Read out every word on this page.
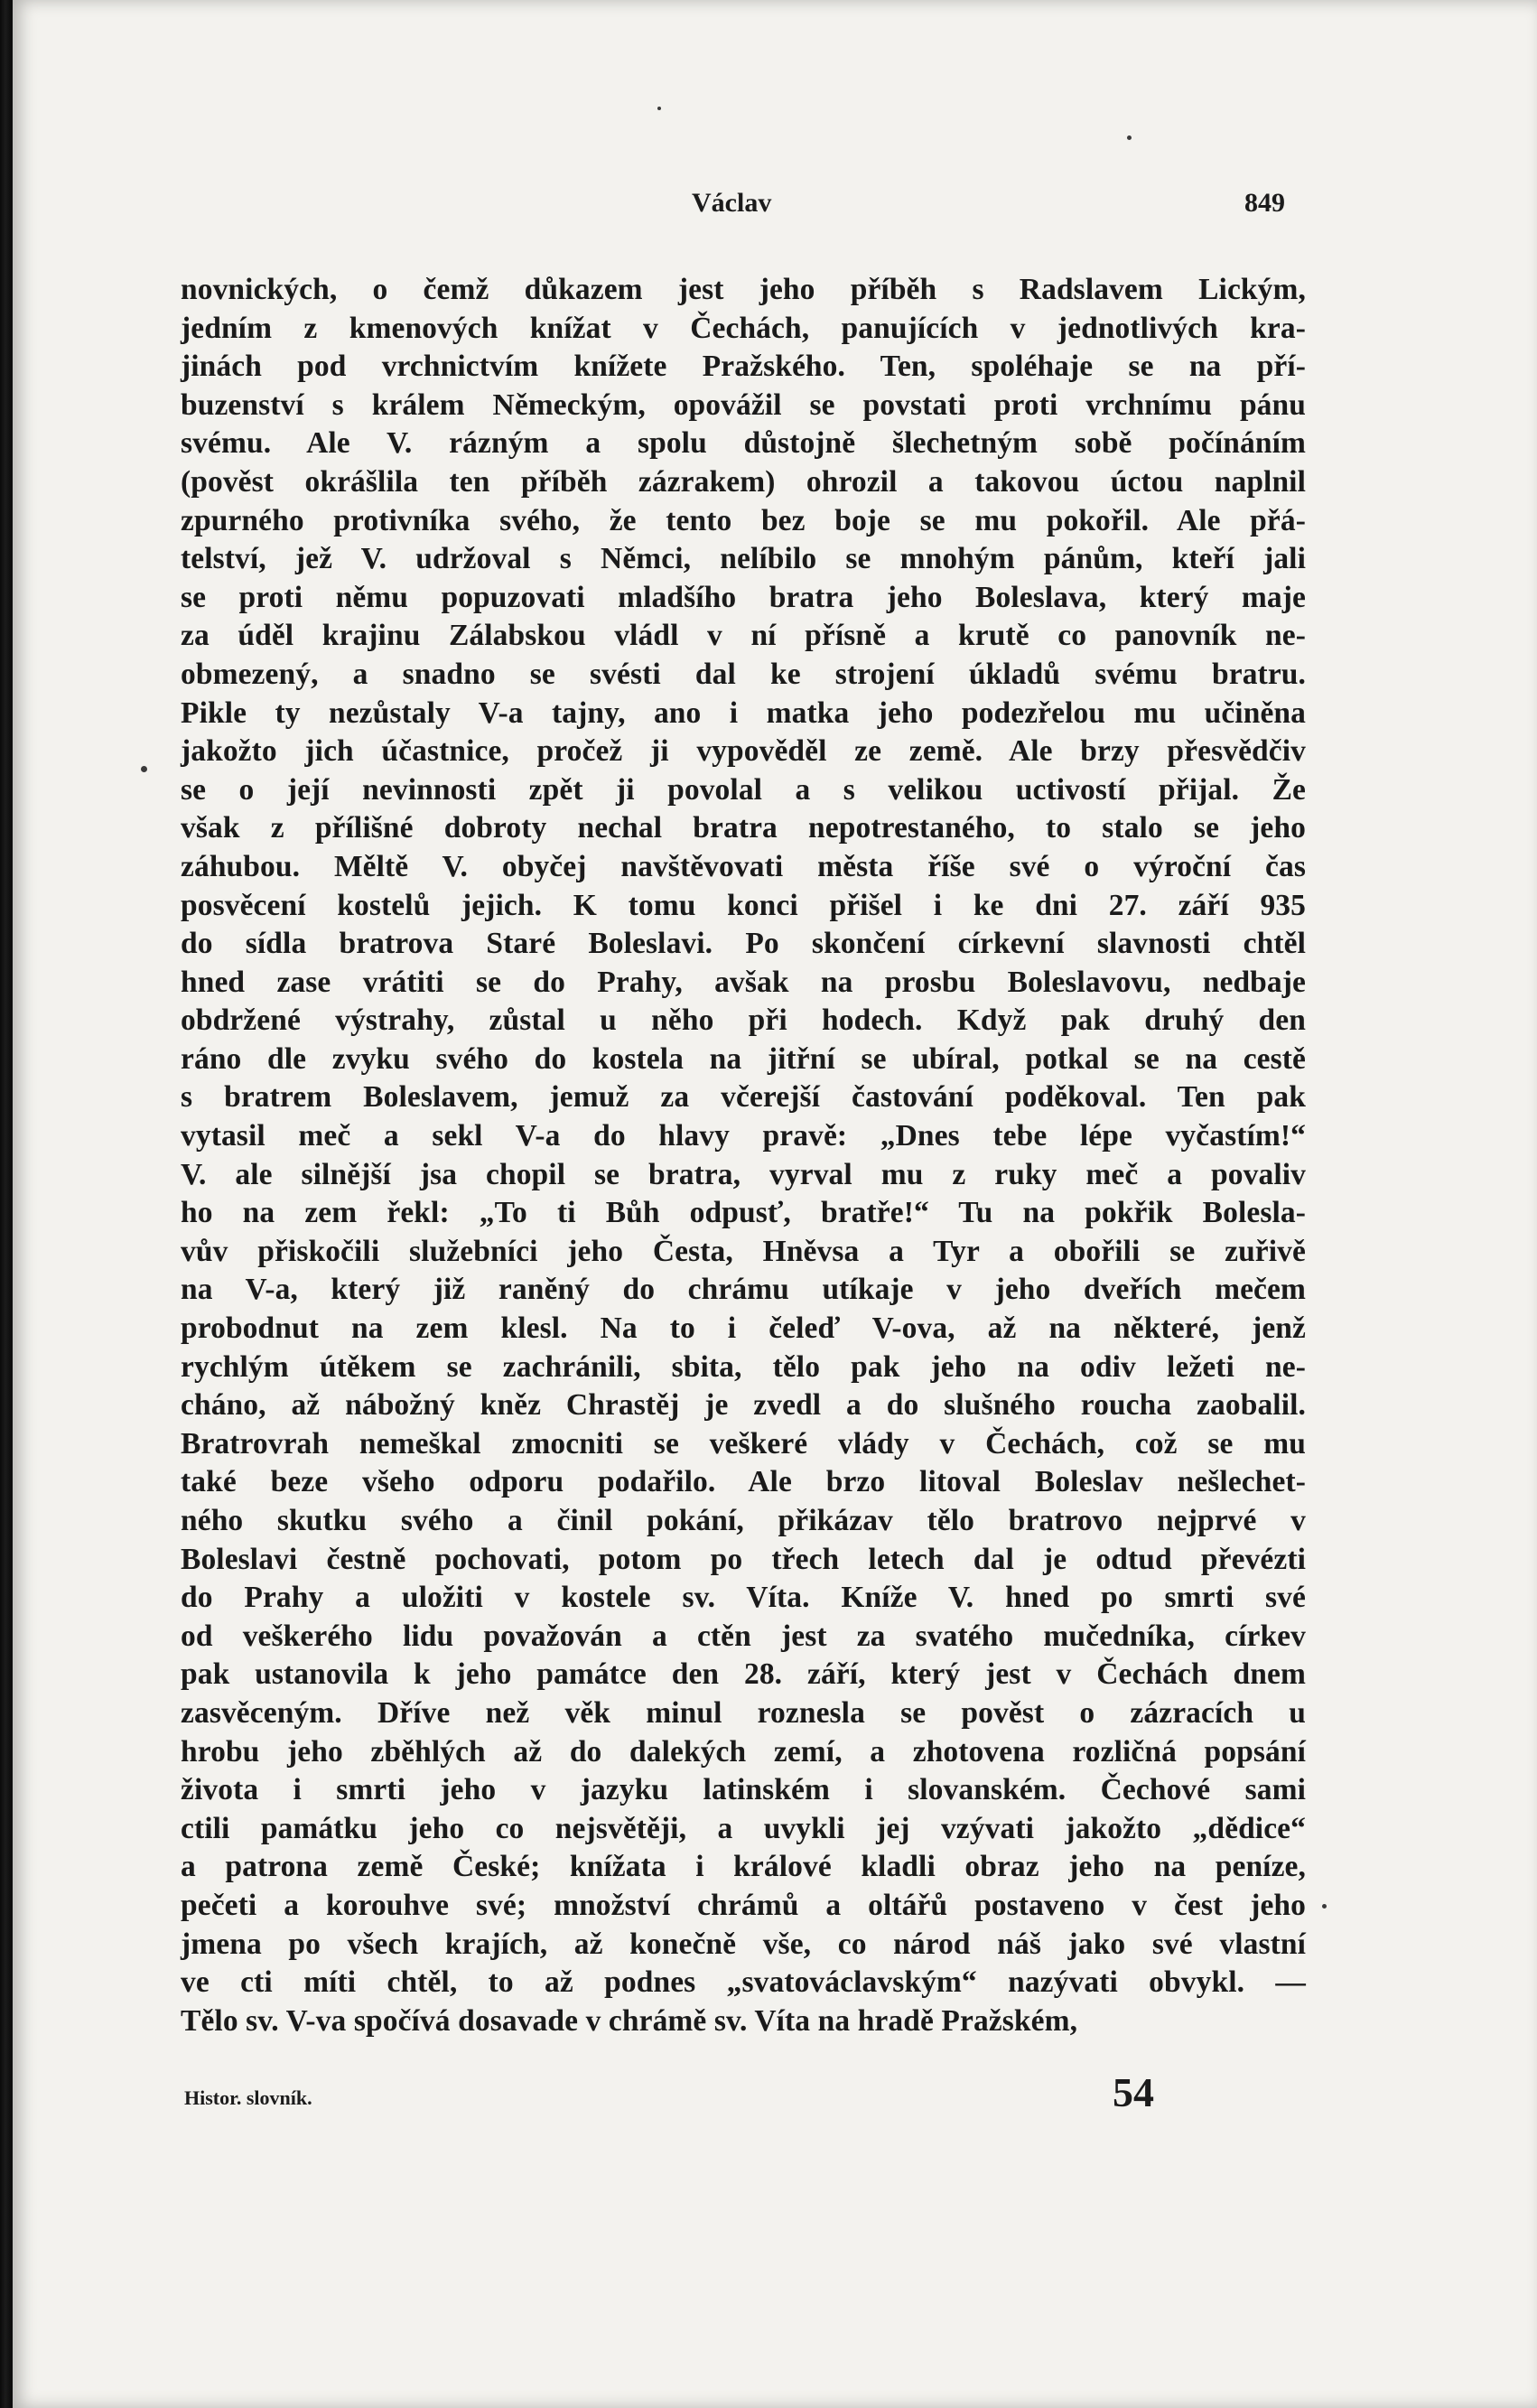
Václav	849
novnických, o čemž důkazem jest jeho příběh s Radslavem Lickým,
jedním z kmenových knížat v Čechách, panujících v jednotlivých kra-
jinách pod vrchnictvím knížete Pražského. Ten, spoléhaje se na pří-
buzenství s králem Německým, opovážil se povstati proti vrchnímu pánu
svému. Ale V. rázným a spolu důstojně šlechetným sobě počínáním
(pověst okrášlila ten příběh zázrakem) ohrozil a takovou úctou naplnil
zpurného protivníka svého, že tento bez boje se mu pokořil. Ale přá-
telství, jež V. udržoval s Němci, nelíbilo se mnohým pánům, kteří jali
se proti němu popuzovati mladšího bratra jeho Boleslava, který maje
za úděl krajinu Zálabskou vládl v ní přísně a krutě co panovník ne-
obmezený, a snadno se svésti dal ke strojení úkladů svému bratru.
Pikle ty nezůstaly V-a tajny, ano i matka jeho podezřelou mu učiněna
jakožto jich účastnice, pročež ji vypověděl ze země. Ale brzy přesvědčiv
se o její nevinnosti zpět ji povolal a s velikou uctivostí přijal. Že
však z přílišné dobroty nechal bratra nepotrestaného, to stalo se jeho
záhubou. Měltě V. obyčej navštěvovati města říše své o výroční čas
posvěcení kostelů jejich. K tomu konci přišel i ke dni 27. září 935
do sídla bratrova Staré Boleslavi. Po skončení církevní slavnosti chtěl
hned zase vrátiti se do Prahy, avšak na prosbu Boleslavovu, nedbaje
obdržené výstrahy, zůstal u něho při hodech. Když pak druhý den
ráno dle zvyku svého do kostela na jitřní se ubíral, potkal se na cestě
s bratrem Boleslavem, jemuž za včerejší častování poděkoval. Ten pak
vytasil meč a sekl V-a do hlavy pravě: „Dnes tebe lépe vyčastím!“
V. ale silnější jsa chopil se bratra, vyrval mu z ruky meč a povaliv
ho na zem řekl: „To ti Bůh odpusť, bratře!“ Tu na pokřik Bolesla-
vův přiskočili služebníci jeho Česta, Hněvsa a Tyr a obořili se zuřivě
na V-a, který již raněný do chrámu utíkaje v jeho dveřích mečem
probodnut na zem klesl. Na to i čeleď V-ova, až na některé, jenž
rychlým útěkem se zachránili, sbita, tělo pak jeho na odiv ležeti ne-
cháno, až nábožný kněz Chrastěj je zvedl a do slušného roucha zaobalil.
Bratrovrah nemeškal zmocniti se veškeré vlády v Čechách, což se mu
také beze všeho odporu podařilo. Ale brzo litoval Boleslav nešlechet-
ného skutku svého a činil pokání, přikázav tělo bratrovo nejprvé v
Boleslavi čestně pochovati, potom po třech letech dal je odtud převézti
do Prahy a uložiti v kostele sv. Víta. Kníže V. hned po smrti své
od veškerého lidu považován a ctěn jest za svatého mučedníka, církev
pak ustanovila k jeho památce den 28. září, který jest v Čechách dnem
zasvěceným. Dříve než věk minul roznesla se pověst o zázracích u
hrobu jeho zběhlých až do dalekých zemí, a zhotovena rozličná popsání
života i smrti jeho v jazyku latinském i slovanském. Čechové sami
ctili památku jeho co nejsvětěji, a uvykli jej vzývati jakožto „dědice“
a patrona země České; knížata i králové kladli obraz jeho na peníze,
pečeti a korouhve své; množství chrámů a oltářů postaveno v čest jeho
jmena po všech krajích, až konečně vše, co národ náš jako své vlastní
ve cti míti chtěl, to až podnes „svatováclavským“ nazývati obvykl. —
Tělo sv. V-va spočívá dosavade v chrámě sv. Víta na hradě Pražském,
Histor. slovník.	54
